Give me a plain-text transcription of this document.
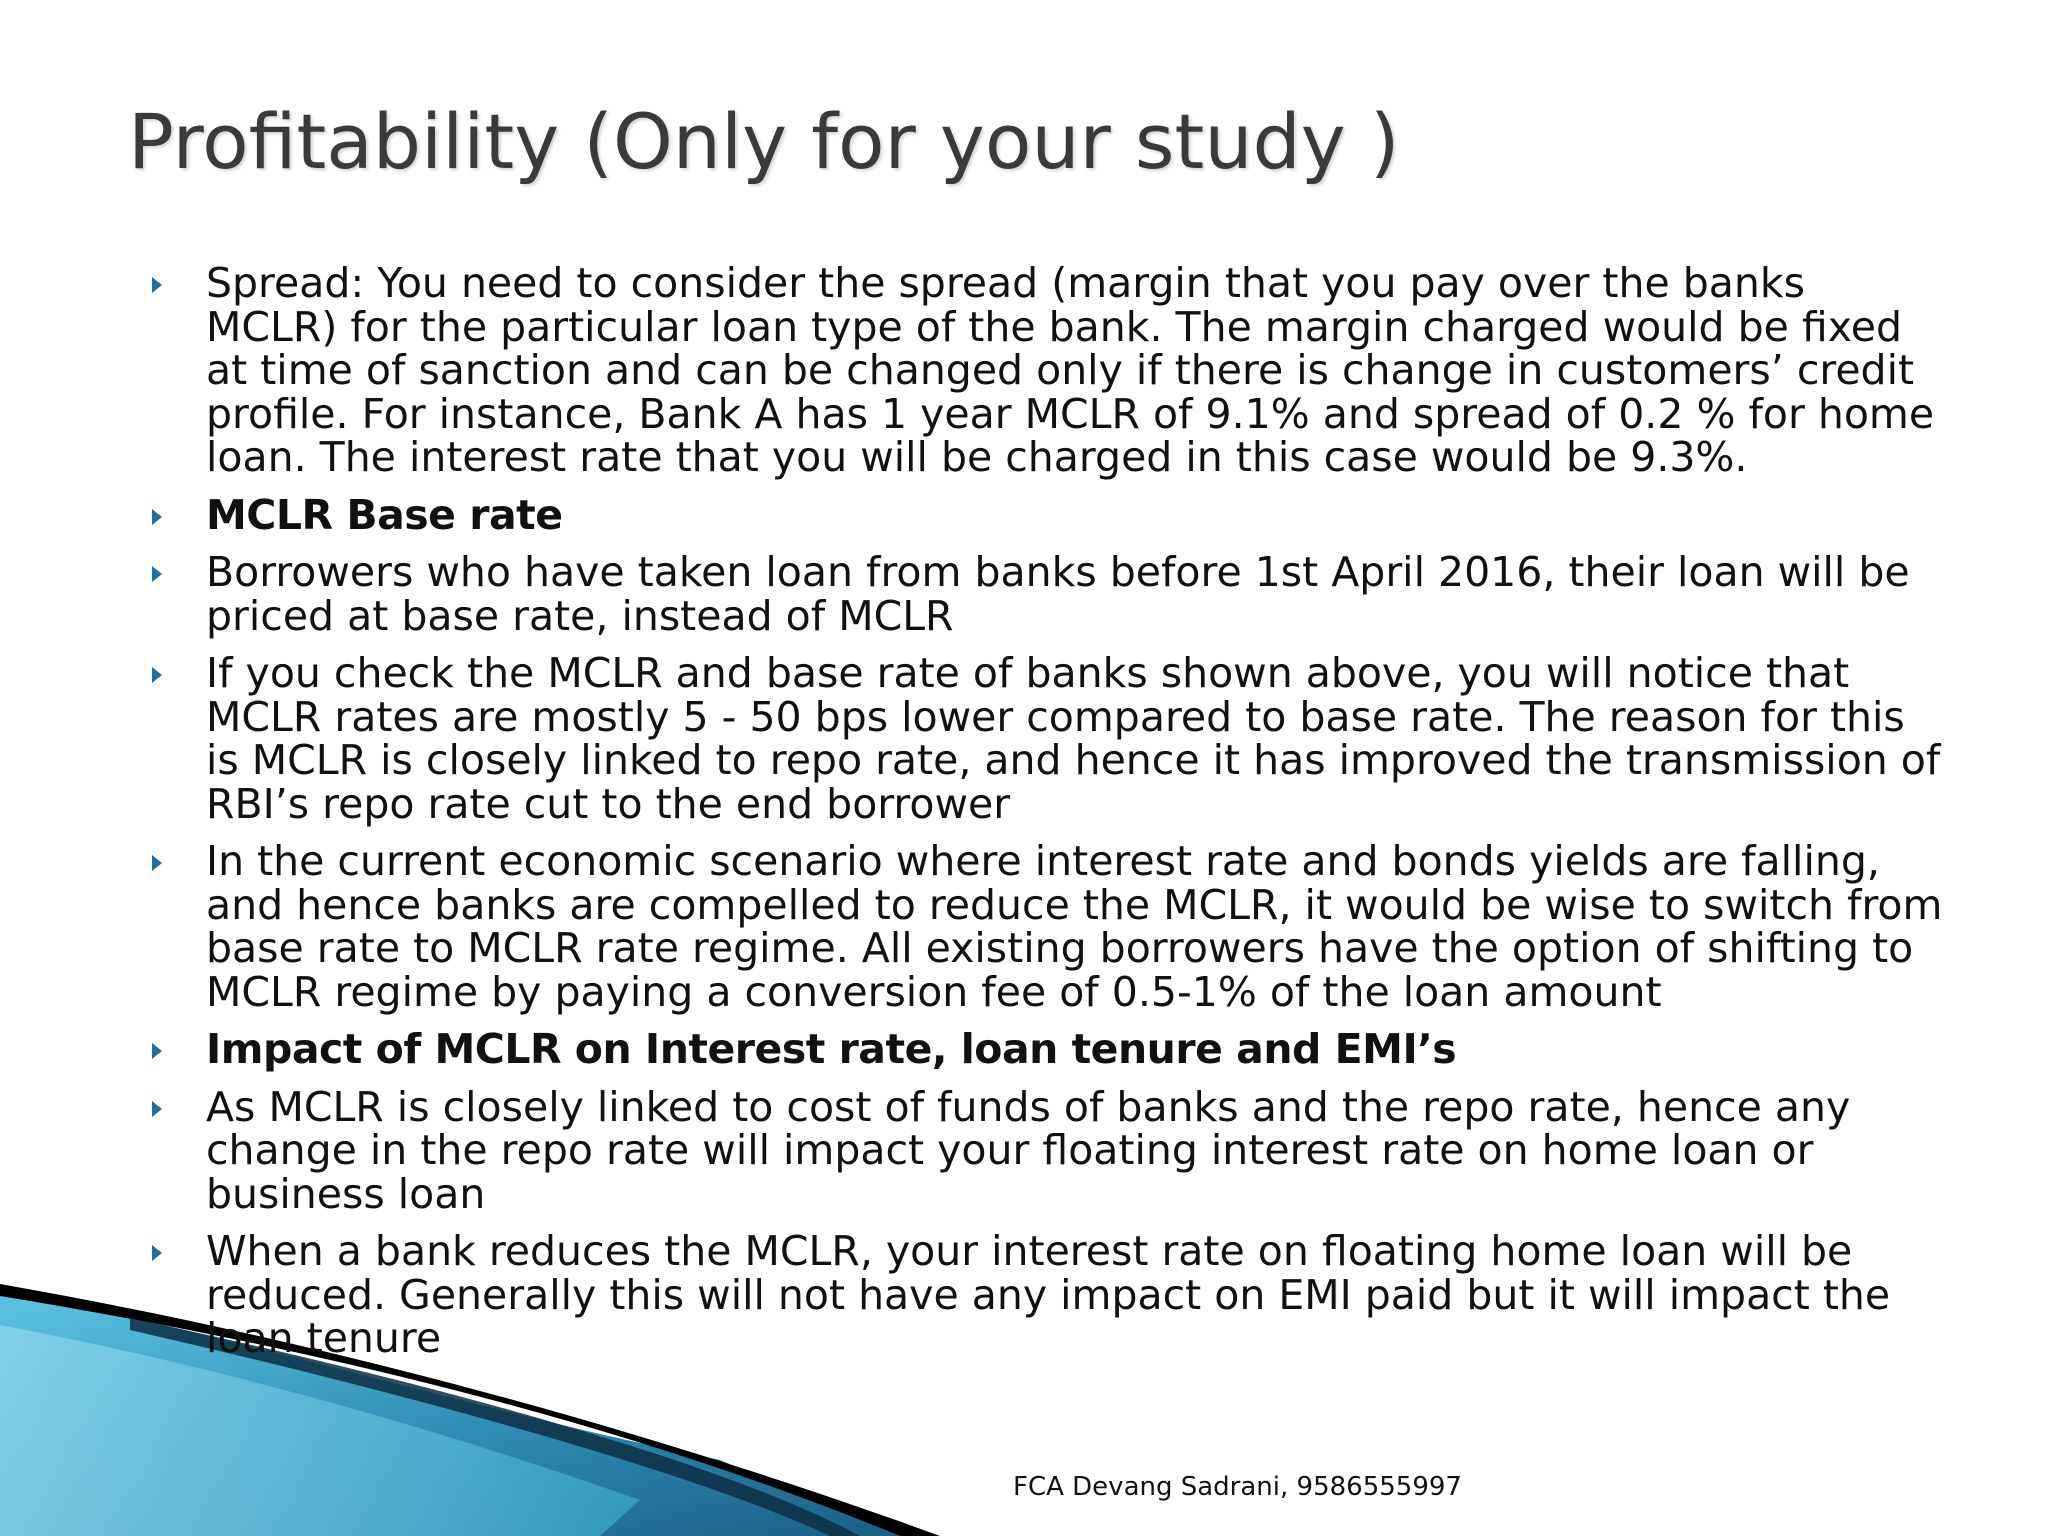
Profitability (Only for your study )
Spread: You need to consider the spread (margin that you pay over the banks MCLR) for the particular loan type of the bank. The margin charged would be fixed at time of sanction and can be changed only if there is change in customers’ credit profile. For instance, Bank A has 1 year MCLR of 9.1% and spread of 0.2 % for home loan. The interest rate that you will be charged in this case would be 9.3%.
MCLR Base rate
Borrowers who have taken loan from banks before 1st April 2016, their loan will be priced at base rate, instead of MCLR
If you check the MCLR and base rate of banks shown above, you will notice that MCLR rates are mostly 5 - 50 bps lower compared to base rate. The reason for this is MCLR is closely linked to repo rate, and hence it has improved the transmission of RBI’s repo rate cut to the end borrower
In the current economic scenario where interest rate and bonds yields are falling, and hence banks are compelled to reduce the MCLR, it would be wise to switch from base rate to MCLR rate regime. All existing borrowers have the option of shifting to MCLR regime by paying a conversion fee of 0.5-1% of the loan amount
Impact of MCLR on Interest rate, loan tenure and EMI’s
As MCLR is closely linked to cost of funds of banks and the repo rate, hence any change in the repo rate will impact your floating interest rate on home loan or business loan
When a bank reduces the MCLR, your interest rate on floating home loan will be reduced. Generally this will not have any impact on EMI paid but it will impact the loan tenure
FCA Devang Sadrani, 9586555997
